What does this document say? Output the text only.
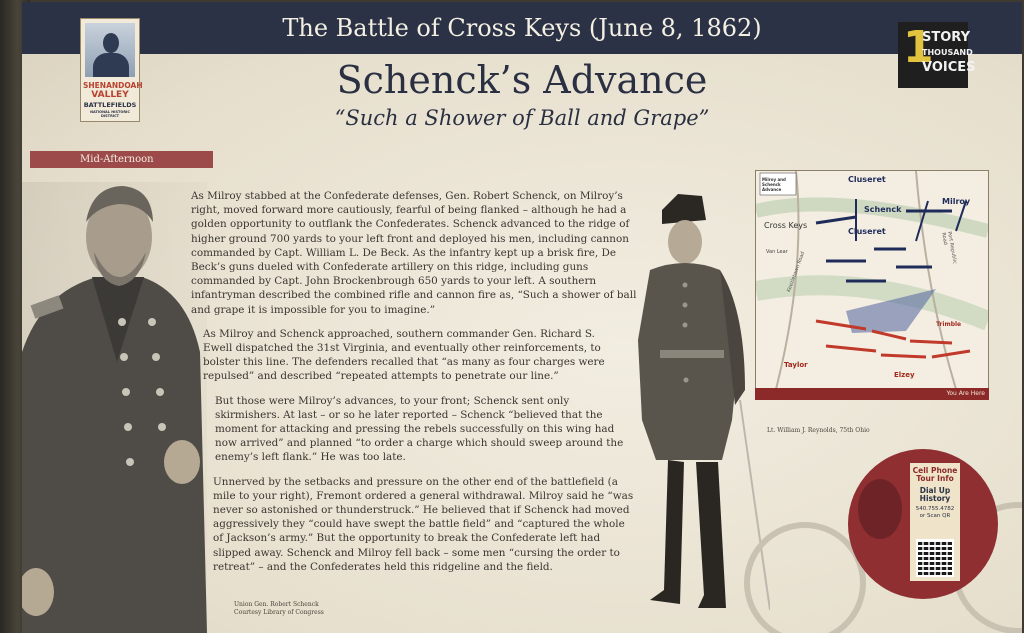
The Battle of Cross Keys (June 8, 1862)
SHENANDOAH
VALLEY
BATTLEFIELDS
NATIONAL HISTORIC DISTRICT
1
STORY
THOUSAND
VOICES
Schenck’s Advance
“Such a Shower of Ball and Grape”
Mid-Afternoon
Union Gen. Robert Schenck
Courtesy Library of Congress

As Milroy stabbed at the Confederate defenses, Gen. Robert Schenck, on Milroy’s right, moved forward more cautiously, fearful of being flanked – although he had a golden opportunity to outflank the Confederates. Schenck advanced to the ridge of higher ground 700 yards to your left front and deployed his men, including cannon commanded by Capt. William L. De Beck. As the infantry kept up a brisk fire, De Beck’s guns dueled with Confederate artillery on this ridge, including guns commanded by Capt. John Brockenbrough 650 yards to your left. A southern infantryman described the combined rifle and cannon fire as, “Such a shower of ball and grape it is impossible for you to imagine.”

As Milroy and Schenck approached, southern commander Gen. Richard S. Ewell dispatched the 31st Virginia, and eventually other reinforcements, to bolster this line. The defenders recalled that “as many as four charges were repulsed” and described “repeated attempts to penetrate our line.”

But those were Milroy’s advances, to your front; Schenck sent only skirmishers. At last – or so he later reported – Schenck “believed that the moment for attacking and pressing the rebels successfully on this wing had now arrived” and planned “to order a charge which should sweep around the enemy’s left flank.” He was too late.

Unnerved by the setbacks and pressure on the other end of the battlefield (a mile to your right), Fremont ordered a general withdrawal. Milroy said he “was never so astonished or thunderstruck.” He believed that if Schenck had moved aggressively they “could have swept the battle field” and “captured the whole of Jackson’s army.” But the opportunity to break the Confederate left had slipped away. Schenck and Milroy fell back – some men “cursing the order to retreat” – and the Confederates held this ridgeline and the field.

Lt. William J. Reynolds, 75th Ohio
Milroy and Schenck Advance
Cross Keys
Cluseret
Schenck
Milroy
Cluseret
Taylor
Elzey
Trimble
Van Lear	Port Republic Road
Keezletown Road
You Are Here
Cell Phone Tour Info
Dial Up History
540.755.4782
or Scan QR
